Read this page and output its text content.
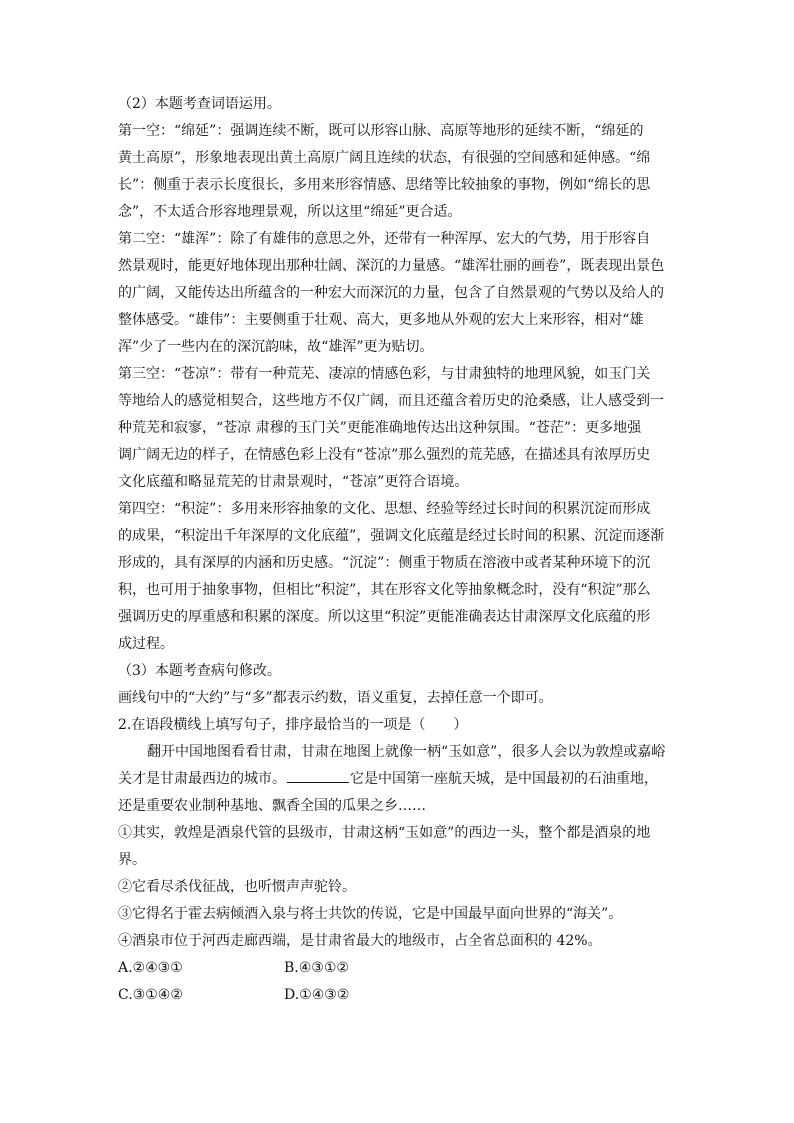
（2）本题考查词语运用。
第一空：“绵延”：强调连续不断，既可以形容山脉、高原等地形的延续不断，“绵延的
黄土高原”，形象地表现出黄土高原广阔且连续的状态，有很强的空间感和延伸感。“绵
长”：侧重于表示长度很长，多用来形容情感、思绪等比较抽象的事物，例如“绵长的思
念”，不太适合形容地理景观，所以这里“绵延”更合适。
第二空：“雄浑”：除了有雄伟的意思之外，还带有一种浑厚、宏大的气势，用于形容自
然景观时，能更好地体现出那种壮阔、深沉的力量感。“雄浑壮丽的画卷”，既表现出景色
的广阔，又能传达出所蕴含的一种宏大而深沉的力量，包含了自然景观的气势以及给人的
整体感受。“雄伟”：主要侧重于壮观、高大，更多地从外观的宏大上来形容，相对“雄
浑”少了一些内在的深沉韵味，故“雄浑”更为贴切。
第三空：“苍凉”：带有一种荒芜、凄凉的情感色彩，与甘肃独特的地理风貌，如玉门关
等地给人的感觉相契合，这些地方不仅广阔，而且还蕴含着历史的沧桑感，让人感受到一
种荒芜和寂寥，“苍凉 肃穆的玉门关”更能准确地传达出这种氛围。“苍茫”：更多地强
调广阔无边的样子，在情感色彩上没有“苍凉”那么强烈的荒芜感，在描述具有浓厚历史
文化底蕴和略显荒芜的甘肃景观时，“苍凉”更符合语境。
第四空：“积淀”：多用来形容抽象的文化、思想、经验等经过长时间的积累沉淀而形成
的成果，“积淀出千年深厚的文化底蕴”，强调文化底蕴是经过长时间的积累、沉淀而逐渐
形成的，具有深厚的内涵和历史感。“沉淀”：侧重于物质在溶液中或者某种环境下的沉
积，也可用于抽象事物，但相比“积淀”，其在形容文化等抽象概念时，没有“积淀”那么
强调历史的厚重感和积累的深度。所以这里“积淀”更能准确表达甘肃深厚文化底蕴的形
成过程。
（3）本题考查病句修改。
画线句中的“大约”与“多”都表示约数，语义重复，去掉任意一个即可。
2.在语段横线上填写句子，排序最恰当的一项是（　　）
翻开中国地图看看甘肃，甘肃在地图上就像一柄“玉如意”，很多人会以为敦煌或嘉峪
关才是甘肃最西边的城市。	它是中国第一座航天城，是中国最初的石油重地，
还是重要农业制种基地、飘香全国的瓜果之乡……
①其实，敦煌是酒泉代管的县级市，甘肃这柄“玉如意”的西边一头，整个都是酒泉的地
界。
②它看尽杀伐征战，也听惯声声驼铃。
③它得名于霍去病倾酒入泉与将士共饮的传说，它是中国最早面向世界的“海关”。
④酒泉市位于河西走廊西端，是甘肃省最大的地级市，占全省总面积的 42%。
A.②④③①	B.④③①②
C.③①④②	D.①④③②
